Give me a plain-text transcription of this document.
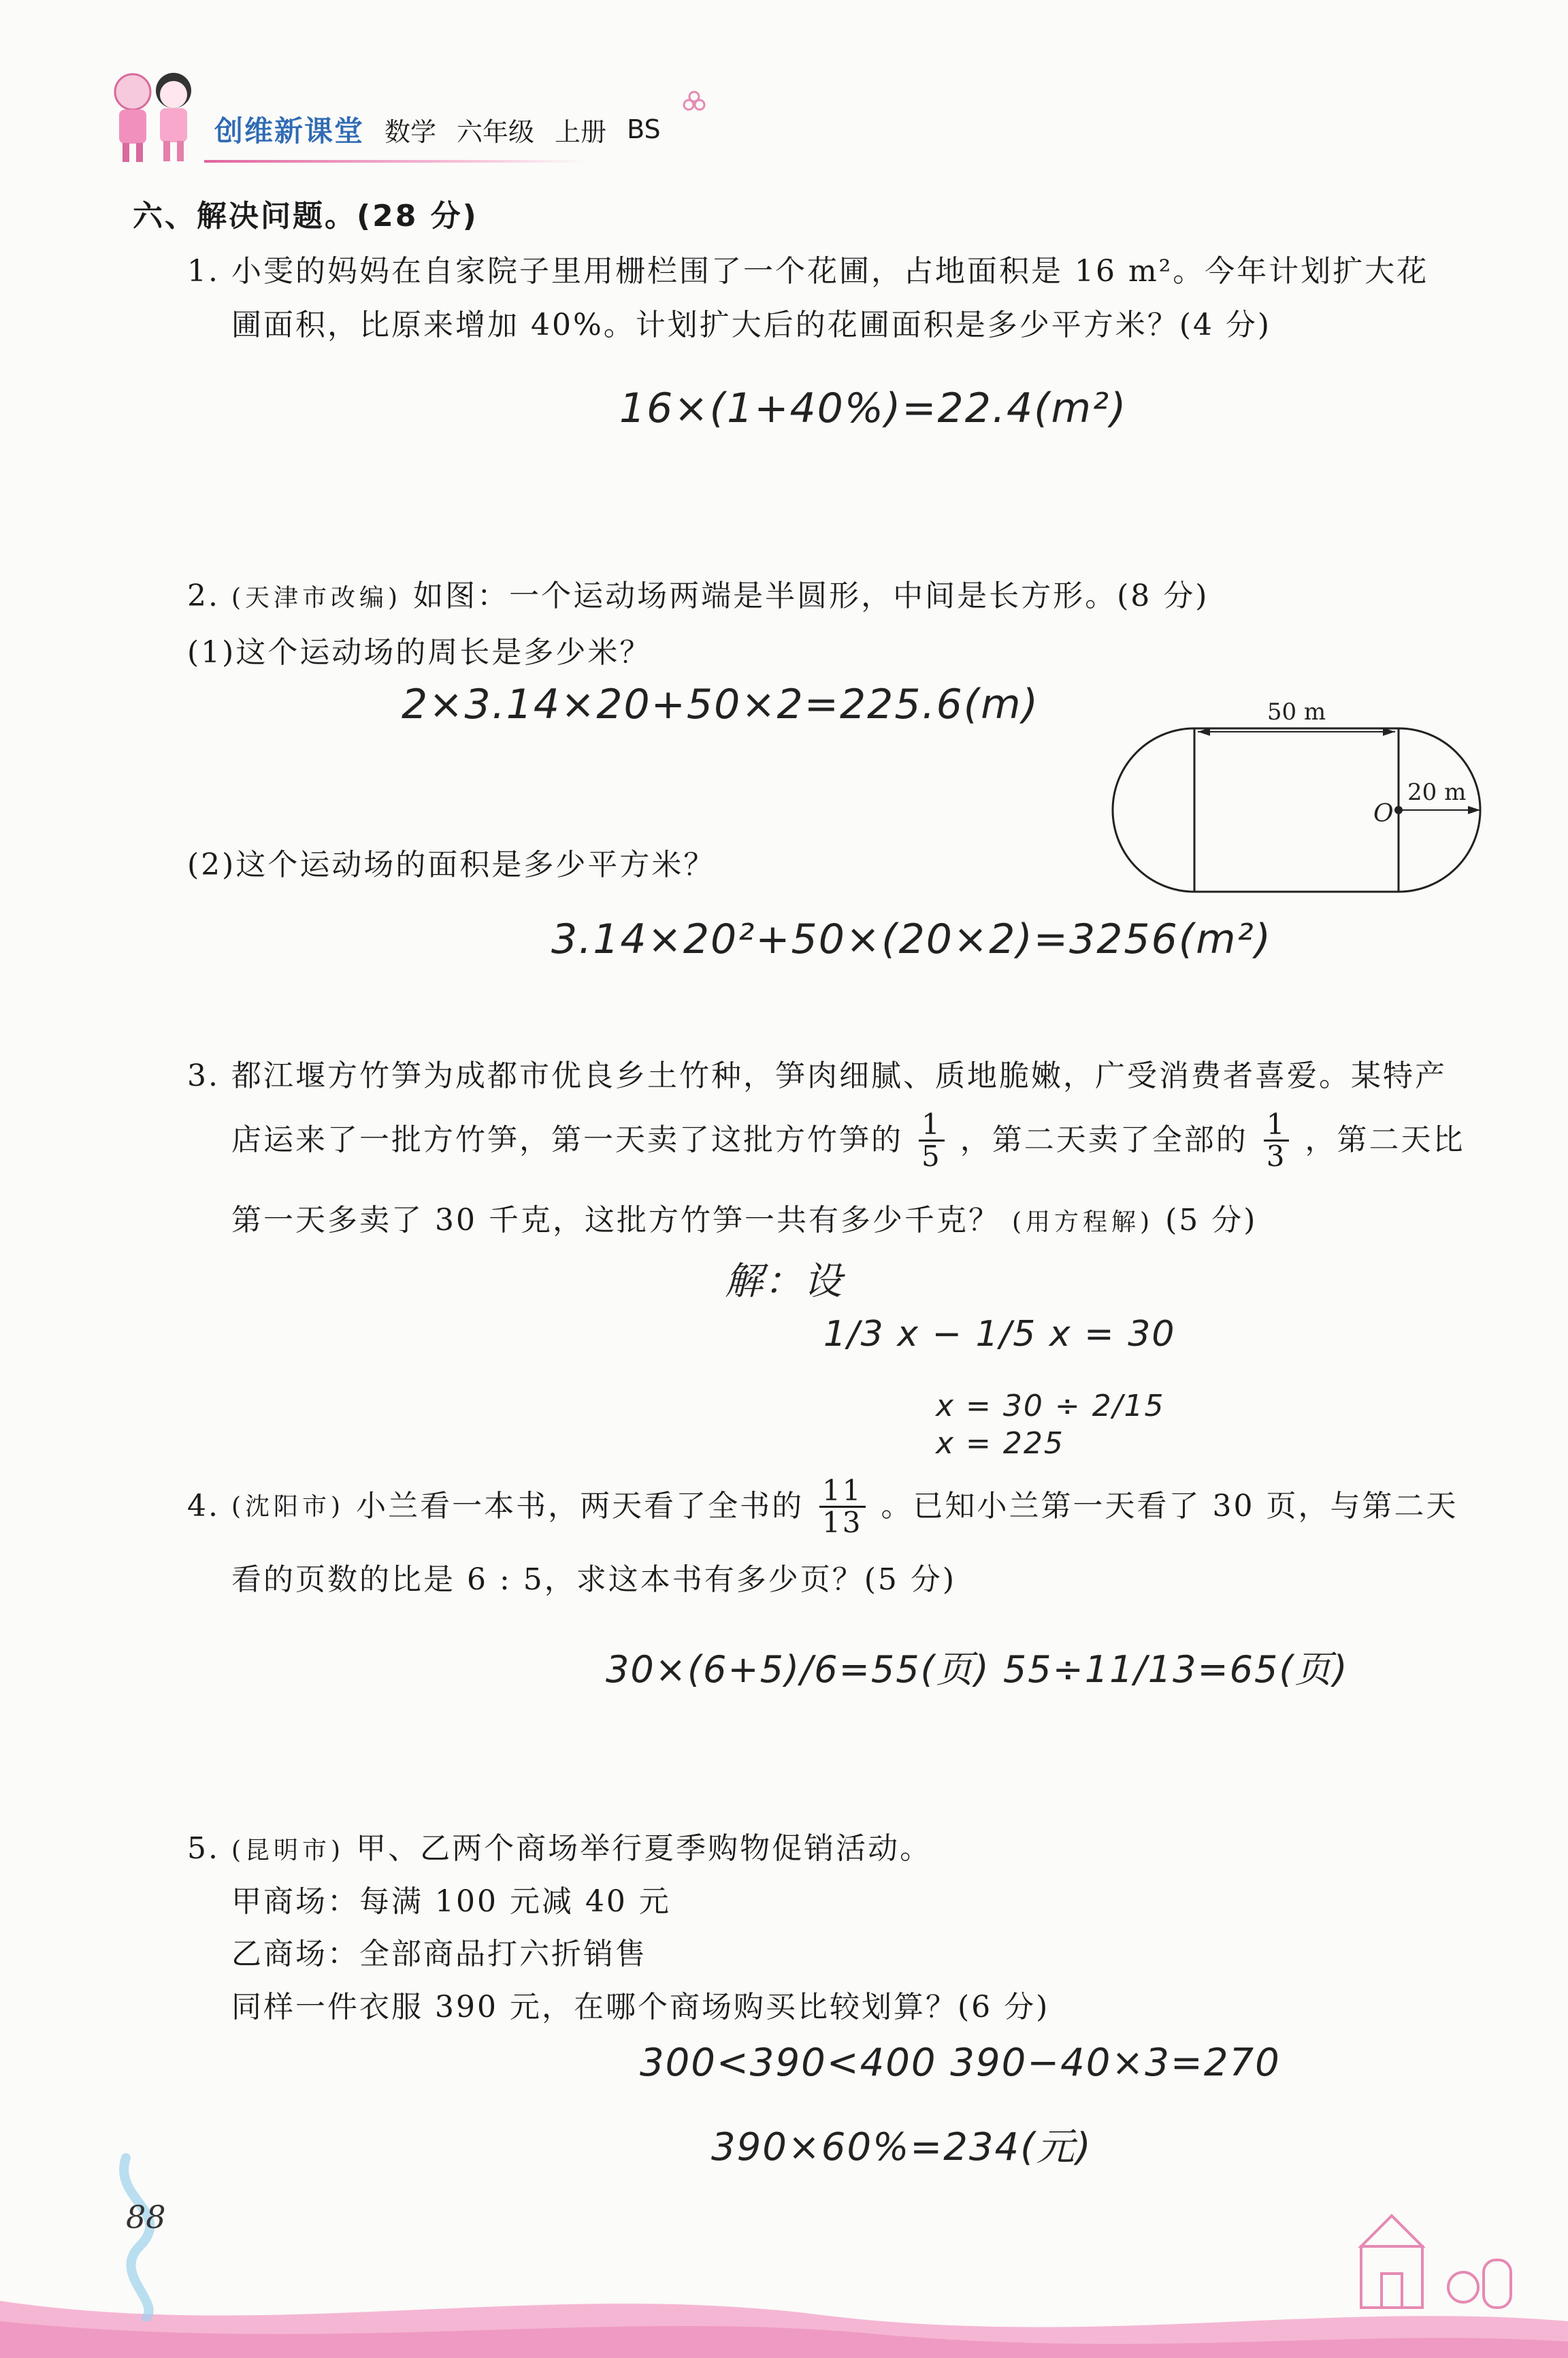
创维新课堂 数学 六年级 上册 BS
六、解决问题。(28 分)
1. 小雯的妈妈在自家院子里用栅栏围了一个花圃，占地面积是 16 m²。今年计划扩大花
圃面积，比原来增加 40%。计划扩大后的花圃面积是多少平方米？(4 分)
16×(1+40%)=22.4(m²)
2. (天津市改编) 如图：一个运动场两端是半圆形，中间是长方形。(8 分)
(1)这个运动场的周长是多少米？
2×3.14×20+50×2=225.6(m)
(2)这个运动场的面积是多少平方米？
3.14×20²+50×(20×2)=3256(m²)
50 m
20 m
O
3. 都江堰方竹笋为成都市优良乡土竹种，笋肉细腻、质地脆嫩，广受消费者喜爱。某特产
店运来了一批方竹笋，第一天卖了这批方竹笋的 $\frac{1}{5}$ ，第二天卖了全部的 $\frac{1}{3}$ ，第二天比
第一天多卖了 30 千克，这批方竹笋一共有多少千克？ (用方程解) (5 分)
解：设
1/3 x − 1/5 x = 30
x = 30 ÷ 2/15
x = 225
4. (沈阳市) 小兰看一本书，两天看了全书的 $\frac{11}{13}$ 。已知小兰第一天看了 30 页，与第二天
看的页数的比是 6 : 5，求这本书有多少页？(5 分)
30×(6+5)/6=55(页) 55÷11/13=65(页)
5. (昆明市) 甲、乙两个商场举行夏季购物促销活动。
甲商场：每满 100 元减 40 元
乙商场：全部商品打六折销售
同样一件衣服 390 元，在哪个商场购买比较划算？(6 分)
300<390<400 390−40×3=270
390×60%=234(元)
88
